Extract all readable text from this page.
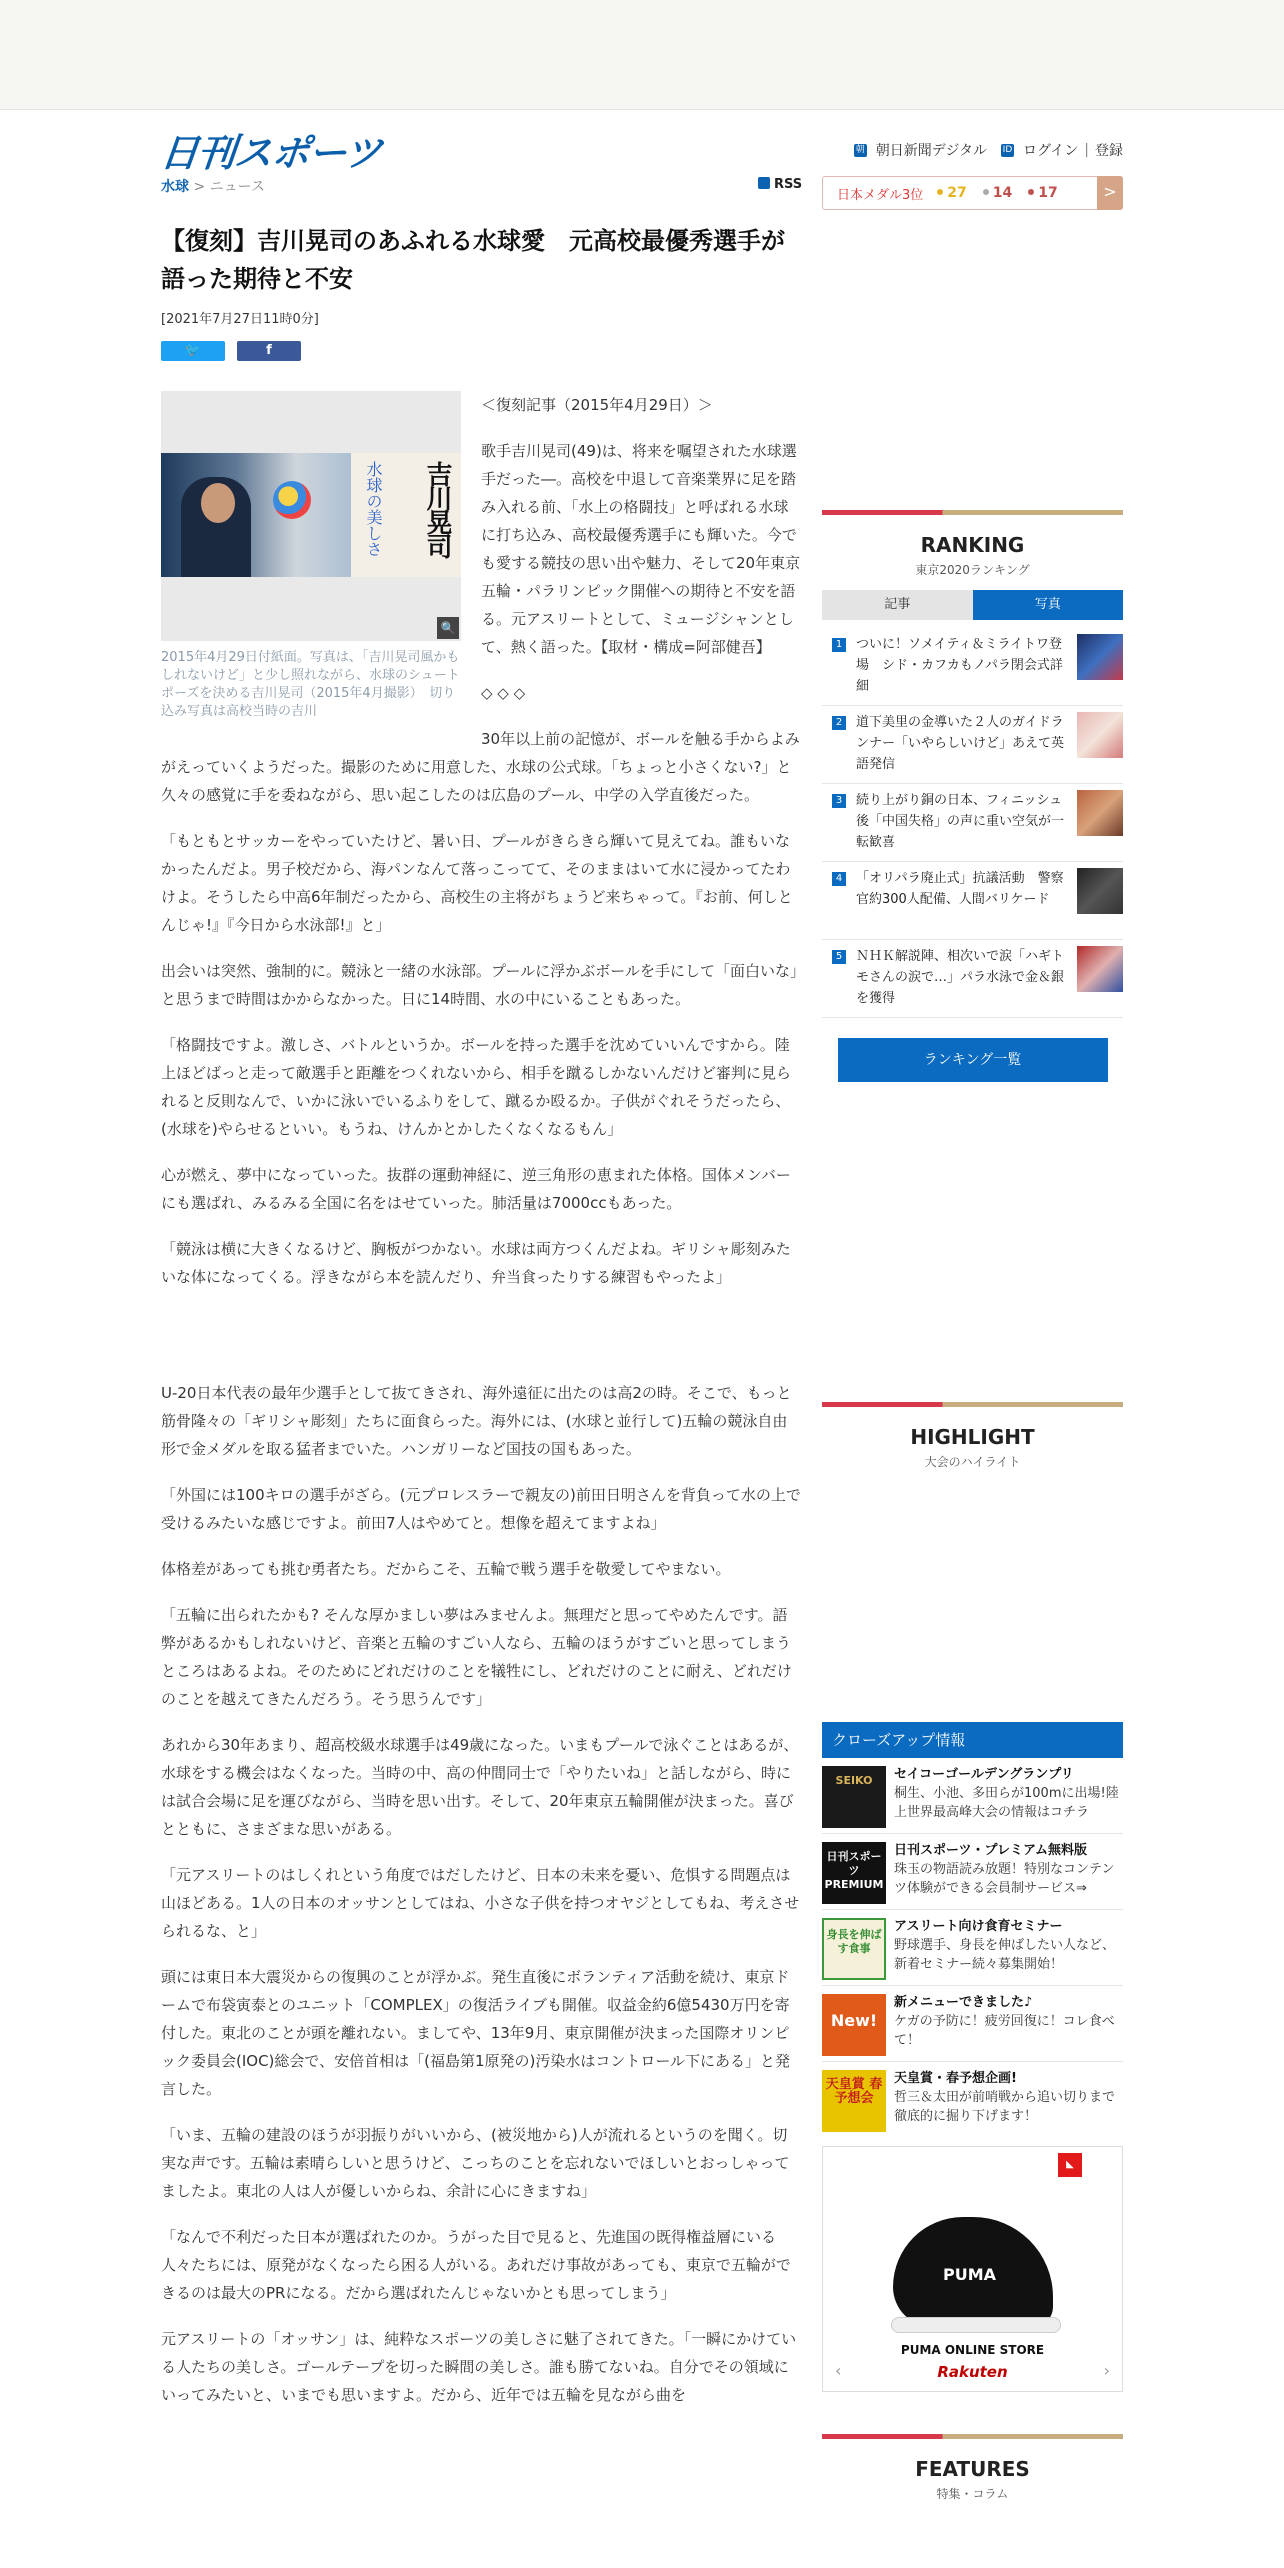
日刊スポーツ	朝 朝日新聞デジタル ID ログイン | 登録
水球 > ニュース	RSS
日本メダル3位	27	14	17	>
【復刻】吉川晃司のあふれる水球愛　元高校最優秀選手が語った期待と不安
[2021年7月27日11時0分]
🐦	f
水球の美しさ 吉川晃司
🔍
2015年4月29日付紙面。写真は、「吉川晃司風かもしれないけど」と少し照れながら、水球のシュートポーズを決める吉川晃司（2015年4月撮影）　切り込み写真は高校当時の吉川

＜復刻記事（2015年4月29日）＞

歌手吉川晃司(49)は、将来を嘱望された水球選手だった―。高校を中退して音楽業界に足を踏み入れる前、「水上の格闘技」と呼ばれる水球に打ち込み、高校最優秀選手にも輝いた。今でも愛する競技の思い出や魅力、そして20年東京五輪・パラリンピック開催への期待と不安を語る。元アスリートとして、ミュージシャンとして、熱く語った。【取材・構成=阿部健吾】

◇ ◇ ◇

30年以上前の記憶が、ボールを触る手からよみがえっていくようだった。撮影のために用意した、水球の公式球。「ちょっと小さくない?」と久々の感覚に手を委ねながら、思い起こしたのは広島のプール、中学の入学直後だった。

「もともとサッカーをやっていたけど、暑い日、プールがきらきら輝いて見えてね。誰もいなかったんだよ。男子校だから、海パンなんて落っこってて、そのままはいて水に浸かってたわけよ。そうしたら中高6年制だったから、高校生の主将がちょうど来ちゃって。『お前、何しとんじゃ!』『今日から水泳部!』と」

出会いは突然、強制的に。競泳と一緒の水泳部。プールに浮かぶボールを手にして「面白いな」と思うまで時間はかからなかった。日に14時間、水の中にいることもあった。

「格闘技ですよ。激しさ、バトルというか。ボールを持った選手を沈めていいんですから。陸上ほどばっと走って敵選手と距離をつくれないから、相手を蹴るしかないんだけど審判に見られると反則なんで、いかに泳いでいるふりをして、蹴るか殴るか。子供がぐれそうだったら、(水球を)やらせるといい。もうね、けんかとかしたくなくなるもん」

心が燃え、夢中になっていった。抜群の運動神経に、逆三角形の恵まれた体格。国体メンバーにも選ばれ、みるみる全国に名をはせていった。肺活量は7000ccもあった。

「競泳は横に大きくなるけど、胸板がつかない。水球は両方つくんだよね。ギリシャ彫刻みたいな体になってくる。浮きながら本を読んだり、弁当食ったりする練習もやったよ」

U-20日本代表の最年少選手として抜てきされ、海外遠征に出たのは高2の時。そこで、もっと筋骨隆々の「ギリシャ彫刻」たちに面食らった。海外には、(水球と並行して)五輪の競泳自由形で金メダルを取る猛者までいた。ハンガリーなど国技の国もあった。

「外国には100キロの選手がざら。(元プロレスラーで親友の)前田日明さんを背負って水の上で受けるみたいな感じですよ。前田7人はやめてと。想像を超えてますよね」

体格差があっても挑む勇者たち。だからこそ、五輪で戦う選手を敬愛してやまない。

「五輪に出られたかも? そんな厚かましい夢はみませんよ。無理だと思ってやめたんです。語弊があるかもしれないけど、音楽と五輪のすごい人なら、五輪のほうがすごいと思ってしまうところはあるよね。そのためにどれだけのことを犠牲にし、どれだけのことに耐え、どれだけのことを越えてきたんだろう。そう思うんです」

あれから30年あまり、超高校級水球選手は49歳になった。いまもプールで泳ぐことはあるが、水球をする機会はなくなった。当時の中、高の仲間同士で「やりたいね」と話しながら、時には試合会場に足を運びながら、当時を思い出す。そして、20年東京五輪開催が決まった。喜びとともに、さまざまな思いがある。

「元アスリートのはしくれという角度ではだしたけど、日本の未来を憂い、危惧する問題点は山ほどある。1人の日本のオッサンとしてはね、小さな子供を持つオヤジとしてもね、考えさせられるな、と」

頭には東日本大震災からの復興のことが浮かぶ。発生直後にボランティア活動を続け、東京ドームで布袋寅泰とのユニット「COMPLEX」の復活ライブも開催。収益金約6億5430万円を寄付した。東北のことが頭を離れない。ましてや、13年9月、東京開催が決まった国際オリンピック委員会(IOC)総会で、安倍首相は「(福島第1原発の)汚染水はコントロール下にある」と発言した。

「いま、五輪の建設のほうが羽振りがいいから、(被災地から)人が流れるというのを聞く。切実な声です。五輪は素晴らしいと思うけど、こっちのことを忘れないでほしいとおっしゃってましたよ。東北の人は人が優しいからね、余計に心にきますね」

「なんで不利だった日本が選ばれたのか。うがった目で見ると、先進国の既得権益層にいる人々たちには、原発がなくなったら困る人がいる。あれだけ事故があっても、東京で五輪ができるのは最大のPRになる。だから選ばれたんじゃないかとも思ってしまう」

元アスリートの「オッサン」は、純粋なスポーツの美しさに魅了されてきた。「一瞬にかけている人たちの美しさ。ゴールテープを切った瞬間の美しさ。誰も勝てないね。自分でその領域にいってみたいと、いまでも思いますよ。だから、近年では五輪を見ながら曲を

RANKING
東京2020ランキング
記事	写真
1 ついに！ソメイティ＆ミライトワ登場　シド・カフカもノパラ閉会式詳細
2 道下美里の金導いた２人のガイドランナー「いやらしいけど」あえて英語発信
3 続り上がり銅の日本、フィニッシュ後「中国失格」の声に重い空気が一転歓喜
4 「オリパラ廃止式」抗議活動　警察官約300人配備、人間バリケード
5 ＮＨＫ解説陣、相次いで涙「ハギトモさんの涙で…」パラ水泳で金＆銀を獲得
ランキング一覧
HIGHLIGHT
大会のハイライト
クローズアップ情報
SEIKO	セイコーゴールデングランプリ
桐生、小池、多田らが100mに出場!陸上世界最高峰大会の情報はコチラ
日刊スポーツ PREMIUM
日刊スポーツ・プレミアム無料版
珠玉の物語読み放題！特別なコンテンツ体験ができる会員制サービス⇒
身長を伸ばす食事
アスリート向け食育セミナー
野球選手、身長を伸ばしたい人など、新着セミナー続々募集開始！
New!
新メニューできました♪
ケガの予防に！疲労回復に！コレ食べて！
天皇賞 春 予想会
天皇賞・春予想企画!
哲三＆太田が前哨戦から追い切りまで徹底的に掘り下げます！
◣
PUMA
PUMA ONLINE STORE
Rakuten
‹	›
FEATURES
特集・コラム
